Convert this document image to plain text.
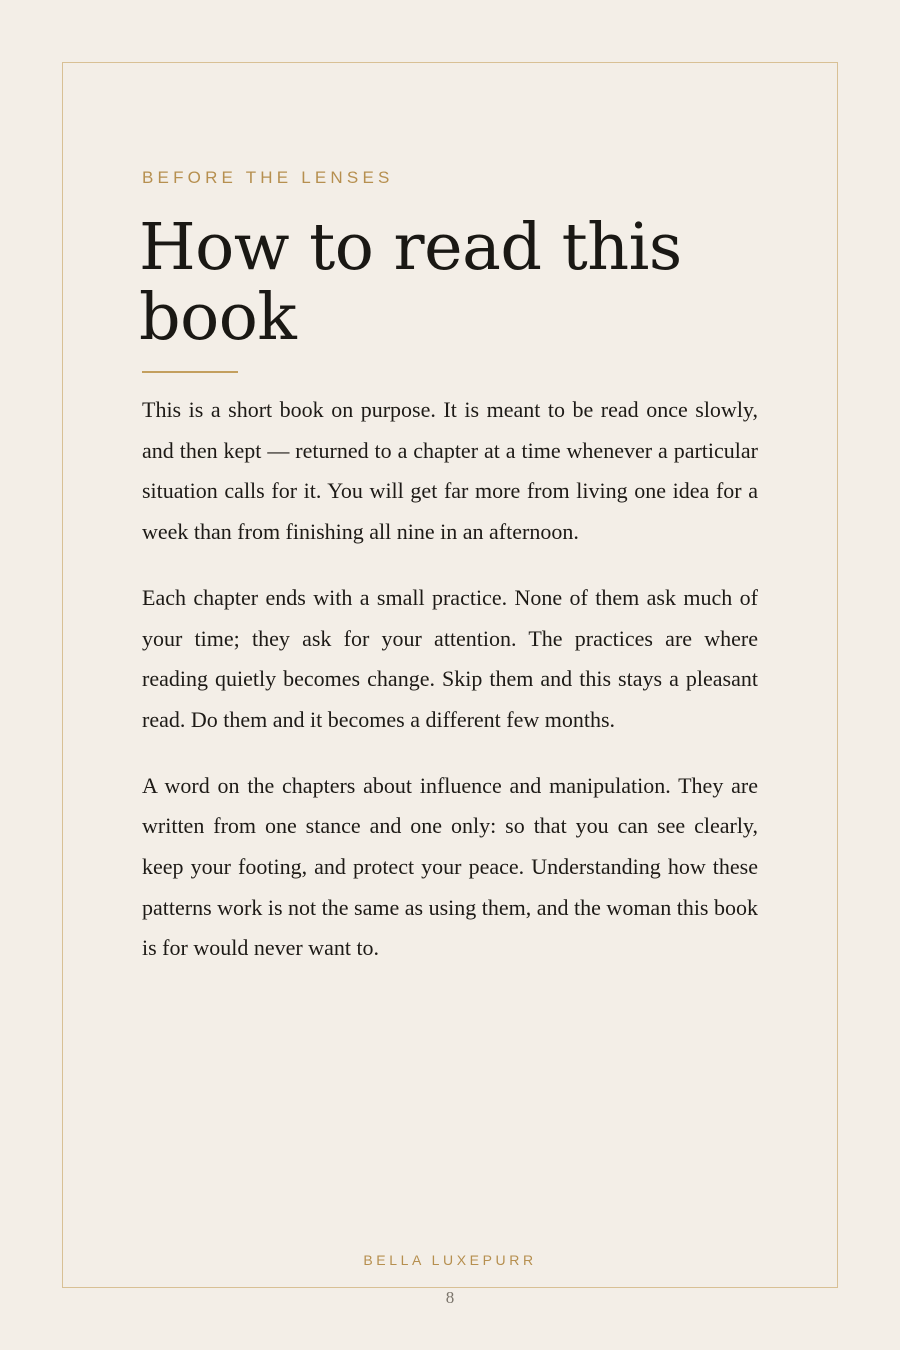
BEFORE THE LENSES
How to read this book

This is a short book on purpose. It is meant to be read once slowly, and then kept — returned to a chapter at a time whenever a particular situation calls for it. You will get far more from living one idea for a week than from finishing all nine in an afternoon.

Each chapter ends with a small practice. None of them ask much of your time; they ask for your attention. The practices are where reading quietly becomes change. Skip them and this stays a pleasant read. Do them and it becomes a different few months.

A word on the chapters about influence and manipulation. They are written from one stance and one only: so that you can see clearly, keep your footing, and protect your peace. Understanding how these patterns work is not the same as using them, and the woman this book is for would never want to.

BELLA LUXEPURR
8
